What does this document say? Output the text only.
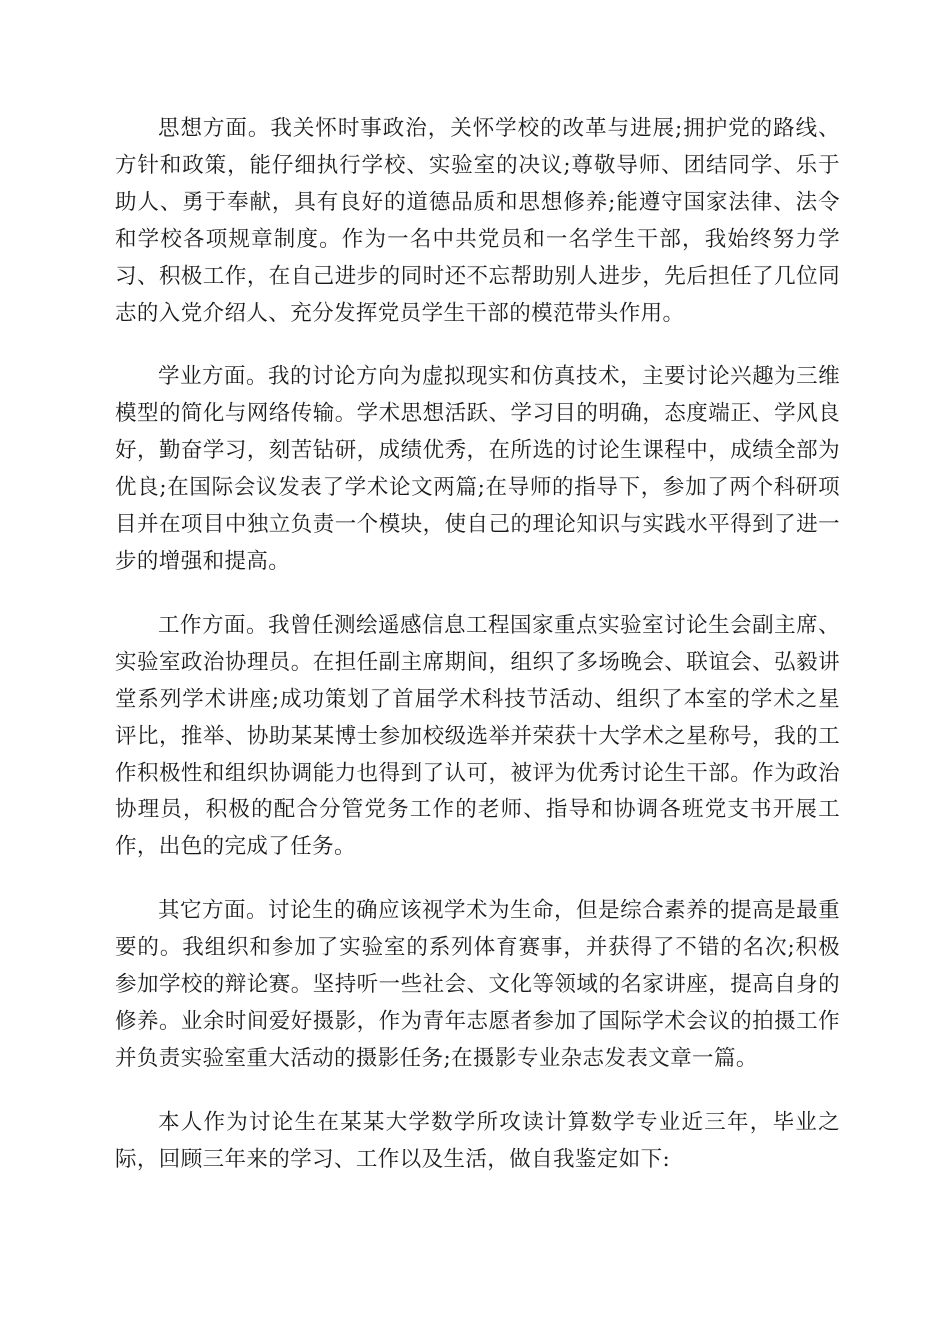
思想方面。我关怀时事政治，关怀学校的改革与进展;拥护党的路线、方针和政策，能仔细执行学校、实验室的决议;尊敬导师、团结同学、乐于助人、勇于奉献，具有良好的道德品质和思想修养;能遵守国家法律、法令和学校各项规章制度。作为一名中共党员和一名学生干部，我始终努力学习、积极工作，在自己进步的同时还不忘帮助别人进步，先后担任了几位同志的入党介绍人、充分发挥党员学生干部的模范带头作用。

学业方面。我的讨论方向为虚拟现实和仿真技术，主要讨论兴趣为三维模型的简化与网络传输。学术思想活跃、学习目的明确，态度端正、学风良好，勤奋学习，刻苦钻研，成绩优秀，在所选的讨论生课程中，成绩全部为优良;在国际会议发表了学术论文两篇;在导师的指导下，参加了两个科研项目并在项目中独立负责一个模块，使自己的理论知识与实践水平得到了进一步的增强和提高。

工作方面。我曾任测绘遥感信息工程国家重点实验室讨论生会副主席、实验室政治协理员。在担任副主席期间，组织了多场晚会、联谊会、弘毅讲堂系列学术讲座;成功策划了首届学术科技节活动、组织了本室的学术之星评比，推举、协助某某博士参加校级选举并荣获十大学术之星称号，我的工作积极性和组织协调能力也得到了认可，被评为优秀讨论生干部。作为政治协理员，积极的配合分管党务工作的老师、指导和协调各班党支书开展工作，出色的完成了任务。

其它方面。讨论生的确应该视学术为生命，但是综合素养的提高是最重要的。我组织和参加了实验室的系列体育赛事，并获得了不错的名次;积极参加学校的辩论赛。坚持听一些社会、文化等领域的名家讲座，提高自身的修养。业余时间爱好摄影，作为青年志愿者参加了国际学术会议的拍摄工作并负责实验室重大活动的摄影任务;在摄影专业杂志发表文章一篇。

本人作为讨论生在某某大学数学所攻读计算数学专业近三年，毕业之际，回顾三年来的学习、工作以及生活，做自我鉴定如下:
